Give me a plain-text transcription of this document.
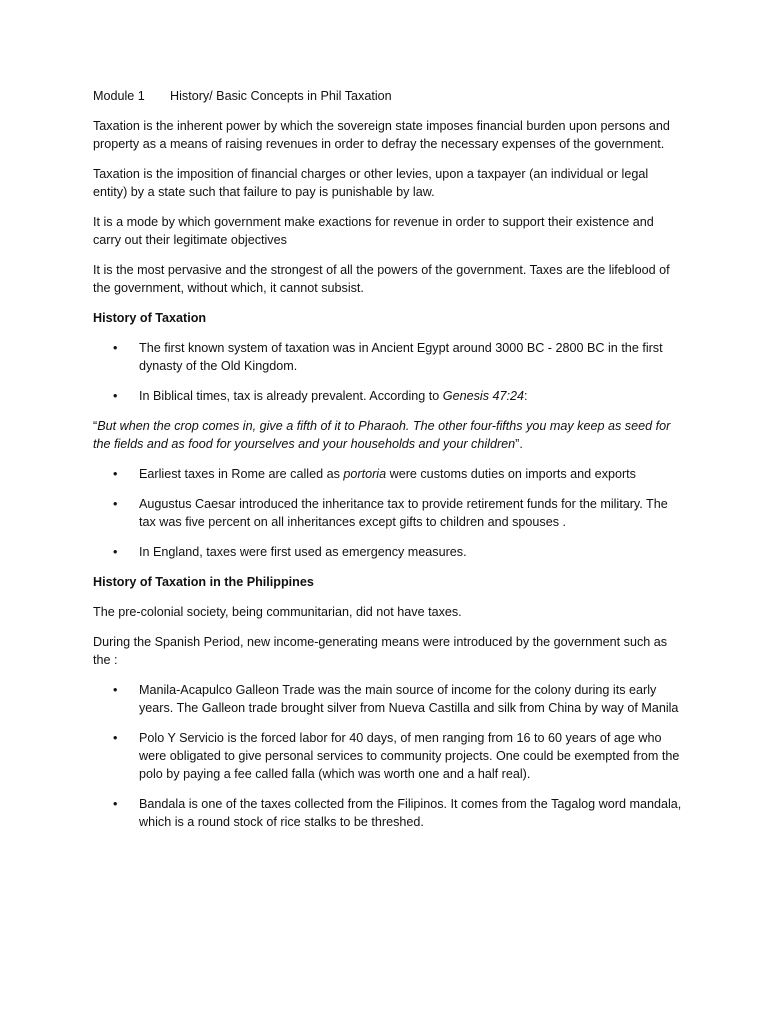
Module 1 History/ Basic Concepts in Phil Taxation

Taxation is the inherent power by which the sovereign state imposes financial burden upon persons and property as a means of raising revenues in order to defray the necessary expenses of the government.

Taxation is the imposition of financial charges or other levies, upon a taxpayer (an individual or legal entity) by a state such that failure to pay is punishable by law.

It is a mode by which government make exactions for revenue in order to support their existence and carry out their legitimate objectives

It is the most pervasive and the strongest of all the powers of the government. Taxes are the lifeblood of the government, without which, it cannot subsist.

History of Taxation

• The first known system of taxation was in Ancient Egypt around 3000 BC - 2800 BC in the first dynasty of the Old Kingdom.
• In Biblical times, tax is already prevalent. According to Genesis 47:24:

“But when the crop comes in, give a fifth of it to Pharaoh. The other four-fifths you may keep as seed for the fields and as food for yourselves and your households and your children”.

• Earliest taxes in Rome are called as portoria were customs duties on imports and exports
• Augustus Caesar introduced the inheritance tax to provide retirement funds for the military. The tax was five percent on all inheritances except gifts to children and spouses .
• In England, taxes were first used as emergency measures.

History of Taxation in the Philippines

The pre-colonial society, being communitarian, did not have taxes.

During the Spanish Period, new income-generating means were introduced by the government such as the :

• Manila-Acapulco Galleon Trade was the main source of income for the colony during its early years. The Galleon trade brought silver from Nueva Castilla and silk from China by way of Manila
• Polo Y Servicio is the forced labor for 40 days, of men ranging from 16 to 60 years of age who were obligated to give personal services to community projects. One could be exempted from the polo by paying a fee called falla (which was worth one and a half real).
• Bandala is one of the taxes collected from the Filipinos. It comes from the Tagalog word mandala, which is a round stock of rice stalks to be threshed.
